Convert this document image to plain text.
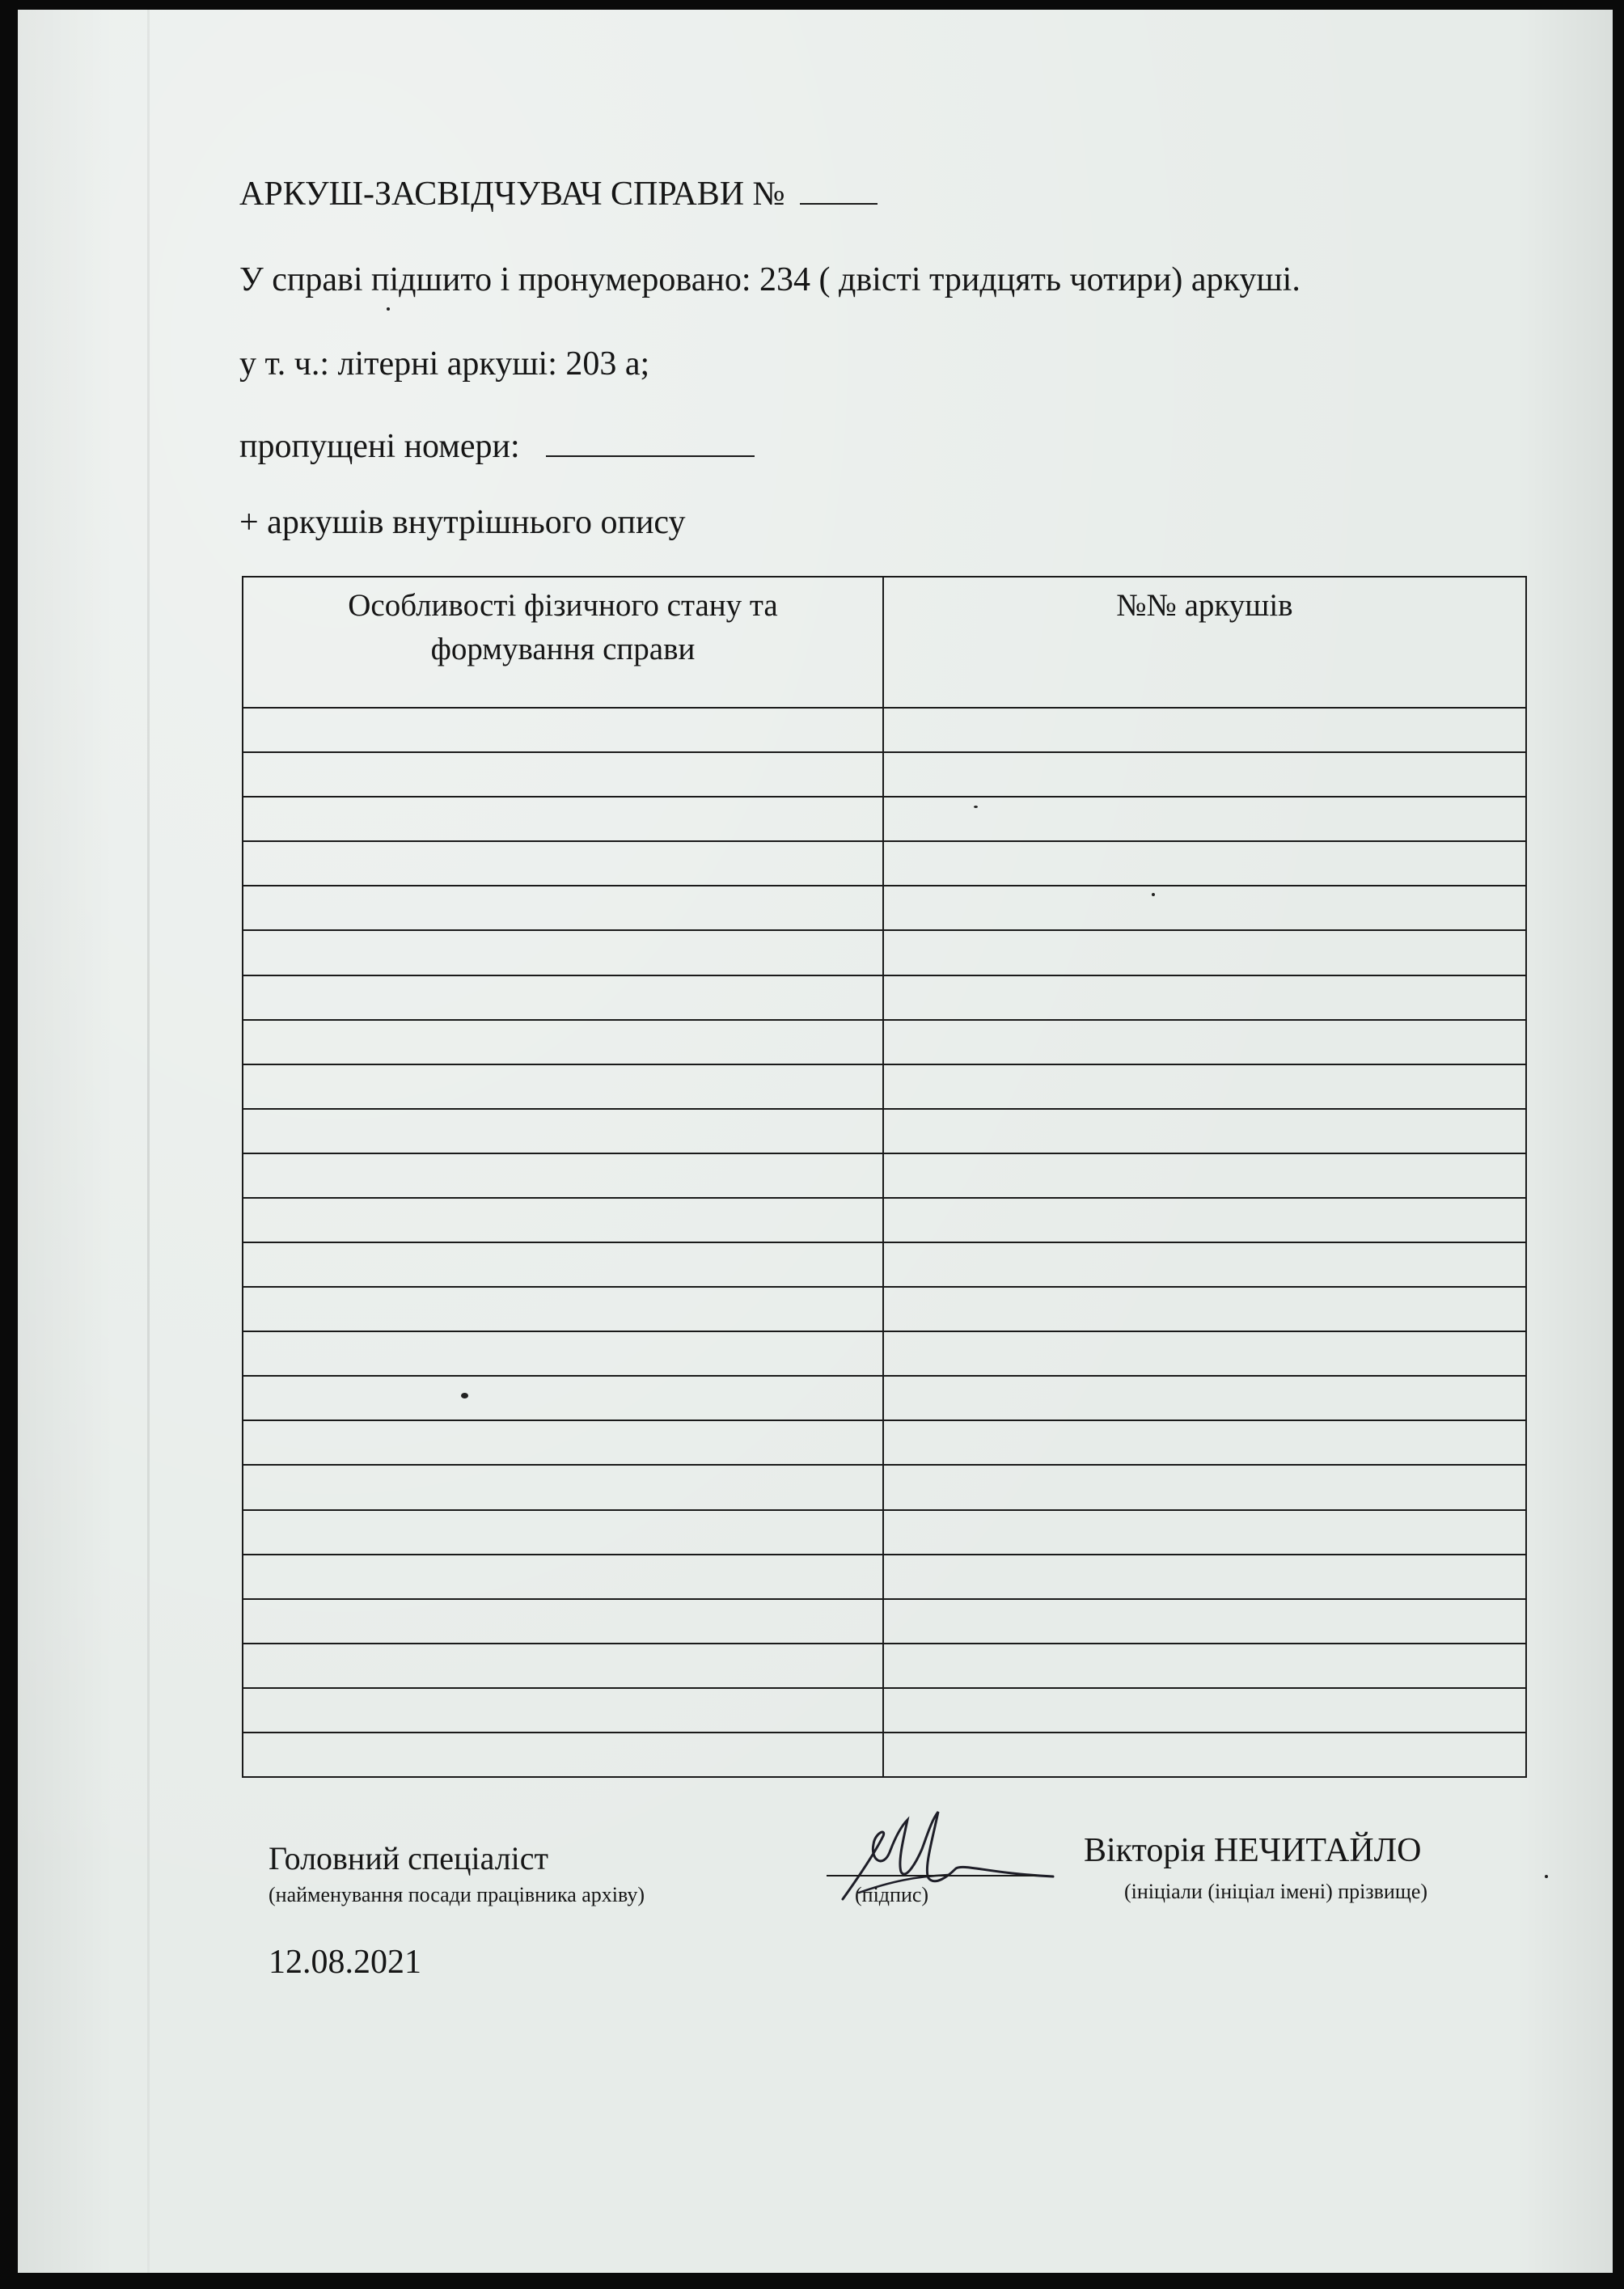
АРКУШ-ЗАСВІДЧУВАЧ СПРАВИ №
У справі підшито і пронумеровано: 234 ( двісті тридцять чотири) аркуші.
у т. ч.: літерні аркуші: 203 а;
пропущені номери:
+ аркушів внутрішнього опису
Особливості фізичного стану та
формування справи
№№ аркушів
Головний спеціаліст
(найменування посади працівника архіву)	(підпис)
Вікторія НЕЧИТАЙЛО
(ініціали (ініціал імені) прізвище)
12.08.2021
